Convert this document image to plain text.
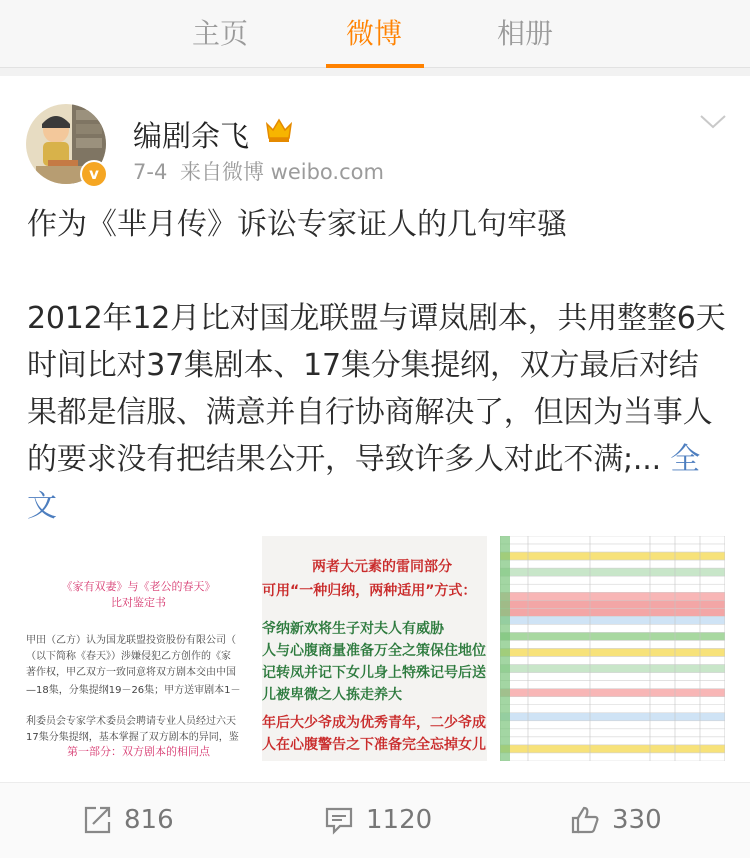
主页	微博	相册
v
编剧余飞
7-4 来自微博 weibo.com
作为《芈月传》诉讼专家证人的几句牢骚
2012年12月比对国龙联盟与谭岚剧本，共用整整6天时间比对37集剧本、17集分集提纲，双方最后对结果都是信服、满意并自行协商解决了，但因为当事人的要求没有把结果公开，导致许多人对此不满;... 全文
《家有双妻》与《老公的春天》
比对鉴定书
甲田（乙方）认为国龙联盟投资股份有限公司（
（以下简称《春天》）涉嫌侵犯乙方创作的《家
著作权，甲乙双方一致同意将双方剧本交由中国
—18集，分集提纲19－26集；甲方送审剧本1－
利委员会专家学术委员会聘请专业人员经过六天
17集分集提纲，基本掌握了双方剧本的异同，鉴
第一部分：双方剧本的相同点
两者大元素的雷同部分
可用“一种归纳，两种适用”方式：
爷纳新欢将生子对夫人有威胁
人与心腹商量准备万全之策保住地位
记转凤并记下女儿身上特殊记号后送
儿被卑微之人拣走养大
年后大少爷成为优秀青年，二少爷成
人在心腹警告之下准备完全忘掉女儿
816	1120	330
